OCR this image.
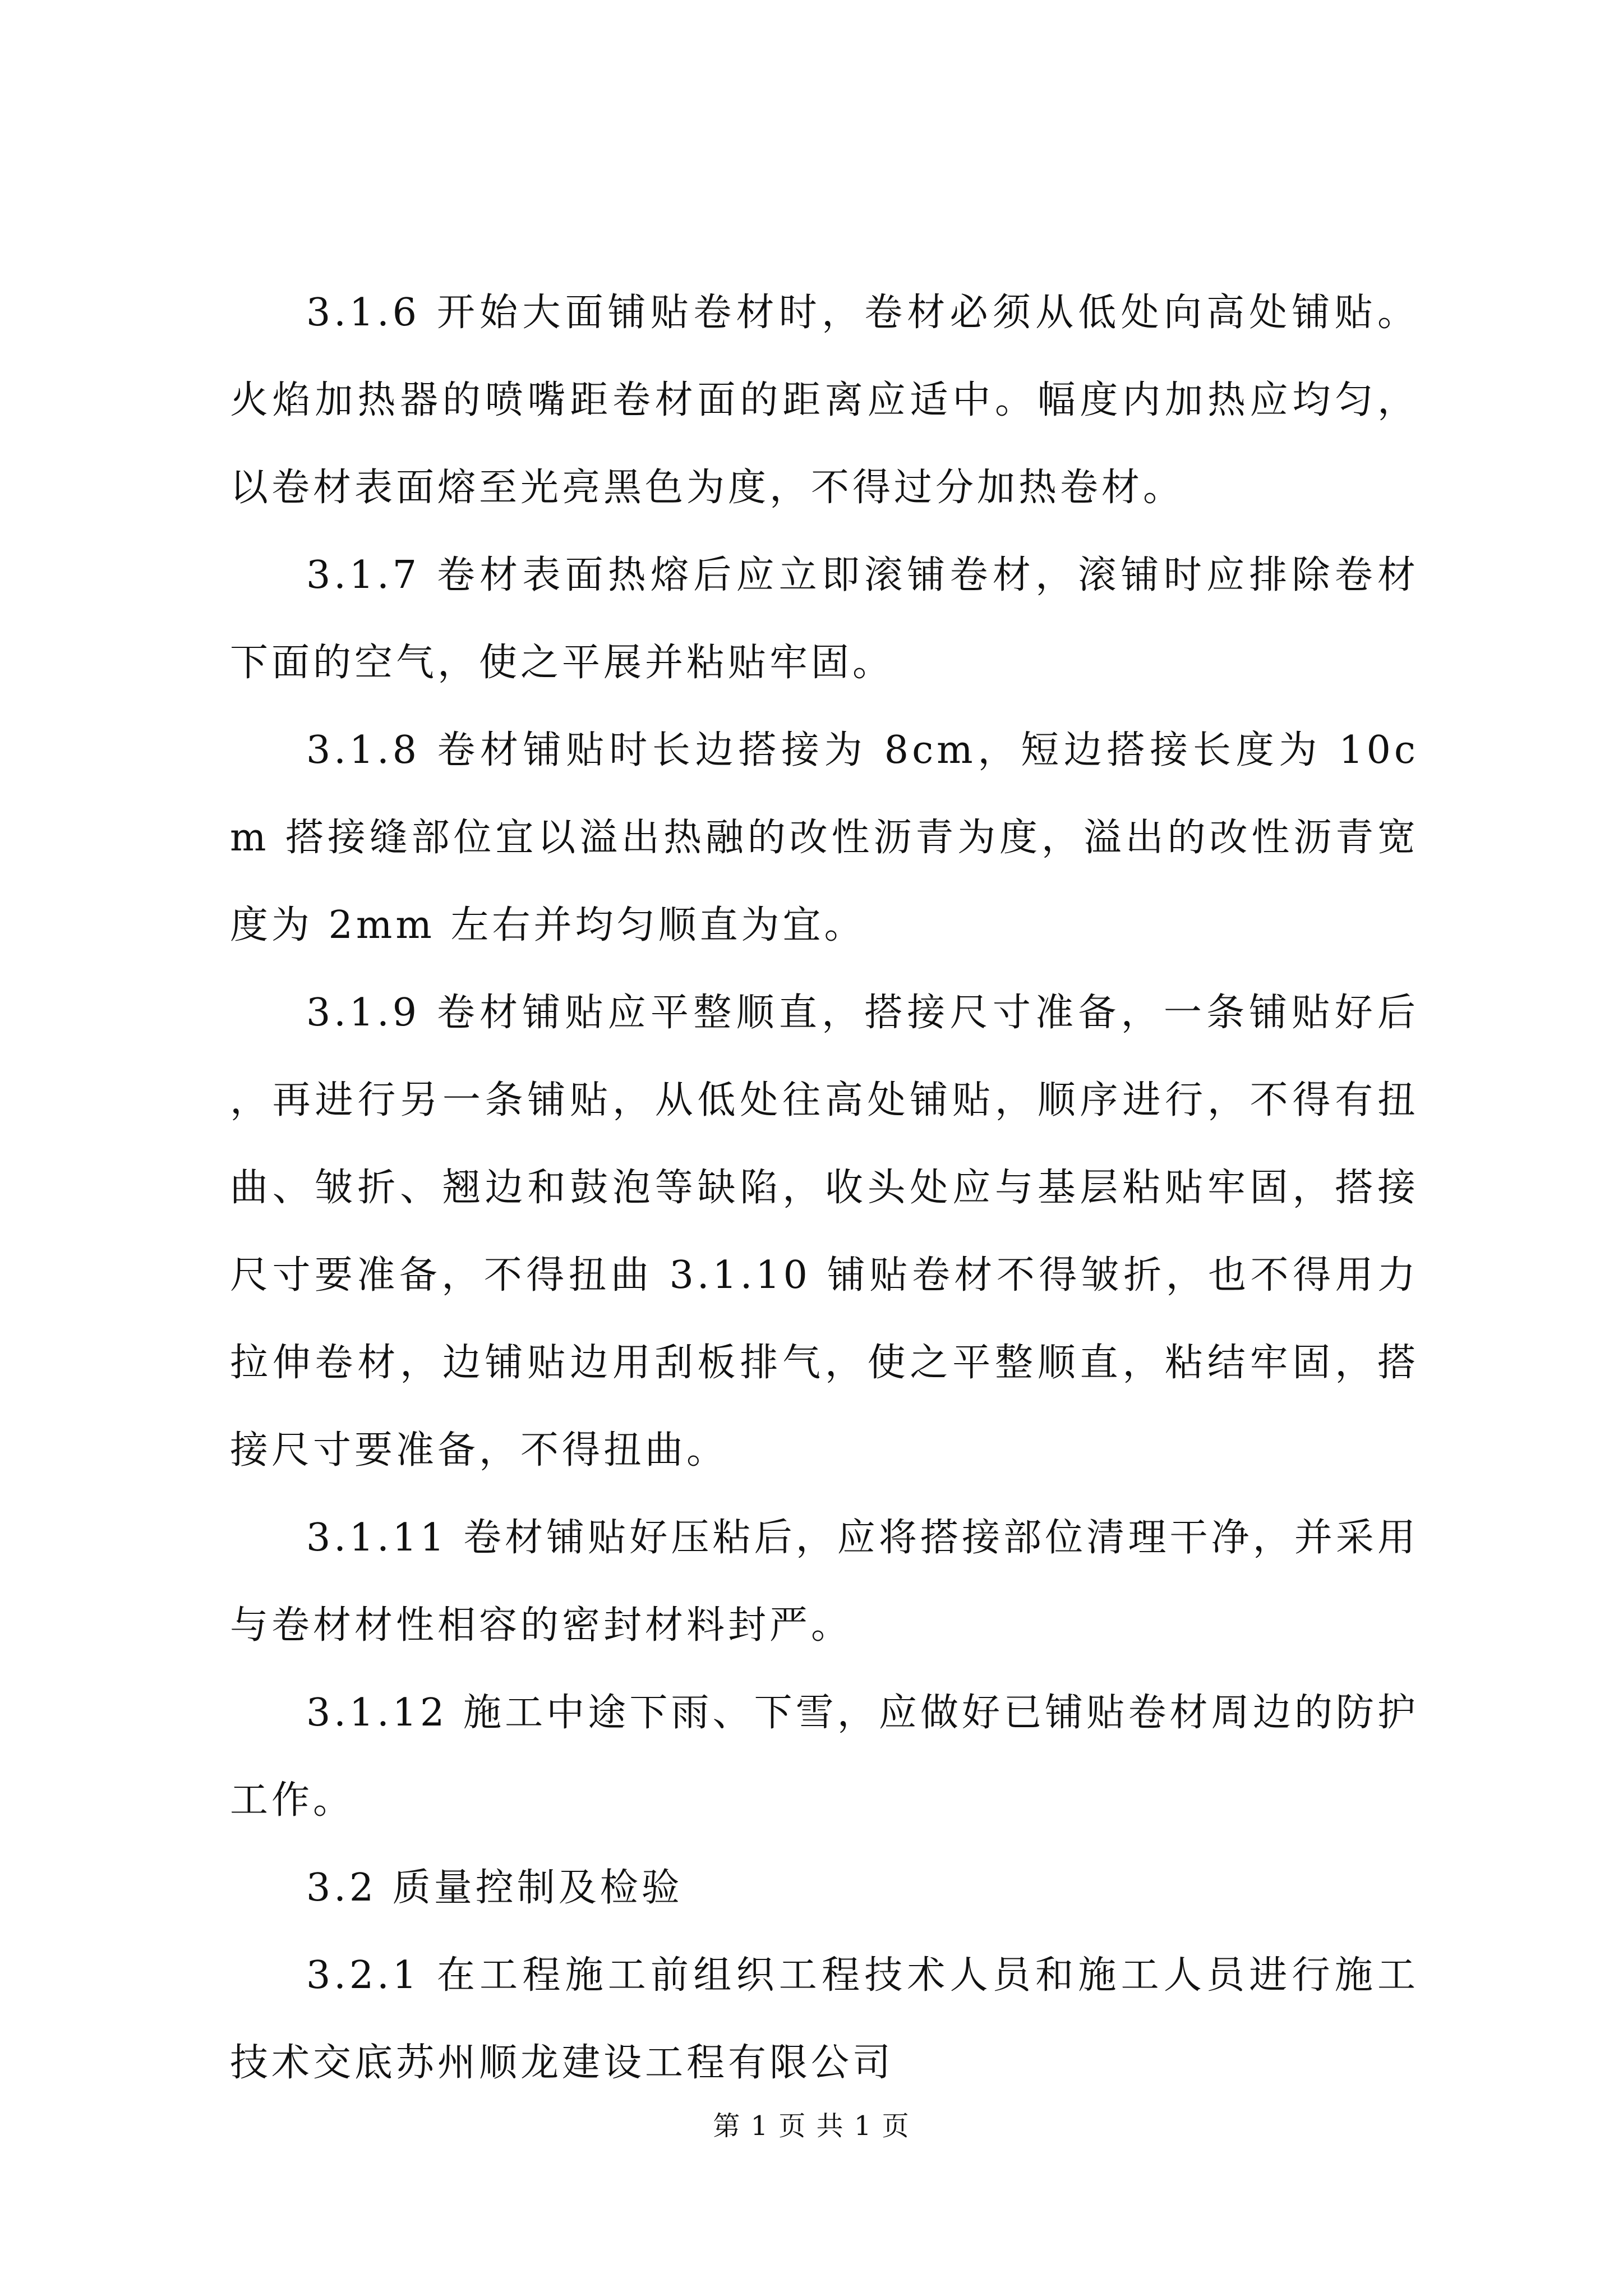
3.1.6 开始大面铺贴卷材时，卷材必须从低处向高处铺贴。火焰加热器的喷嘴距卷材面的距离应适中。幅度内加热应均匀，以卷材表面熔至光亮黑色为度，不得过分加热卷材。

3.1.7 卷材表面热熔后应立即滚铺卷材，滚铺时应排除卷材下面的空气，使之平展并粘贴牢固。

3.1.8 卷材铺贴时长边搭接为 8cm，短边搭接长度为 10cm 搭接缝部位宜以溢出热融的改性沥青为度，溢出的改性沥青宽度为 2mm 左右并均匀顺直为宜。

3.1.9 卷材铺贴应平整顺直，搭接尺寸准备，一条铺贴好后，再进行另一条铺贴，从低处往高处铺贴，顺序进行，不得有扭曲、皱折、翘边和鼓泡等缺陷，收头处应与基层粘贴牢固，搭接尺寸要准备，不得扭曲 3.1.10 铺贴卷材不得皱折，也不得用力拉伸卷材，边铺贴边用刮板排气，使之平整顺直，粘结牢固，搭接尺寸要准备，不得扭曲。

3.1.11 卷材铺贴好压粘后，应将搭接部位清理干净，并采用与卷材材性相容的密封材料封严。

3.1.12 施工中途下雨、下雪，应做好已铺贴卷材周边的防护工作。

3.2 质量控制及检验

3.2.1 在工程施工前组织工程技术人员和施工人员进行施工技术交底苏州顺龙建设工程有限公司

第 1 页 共 1 页
